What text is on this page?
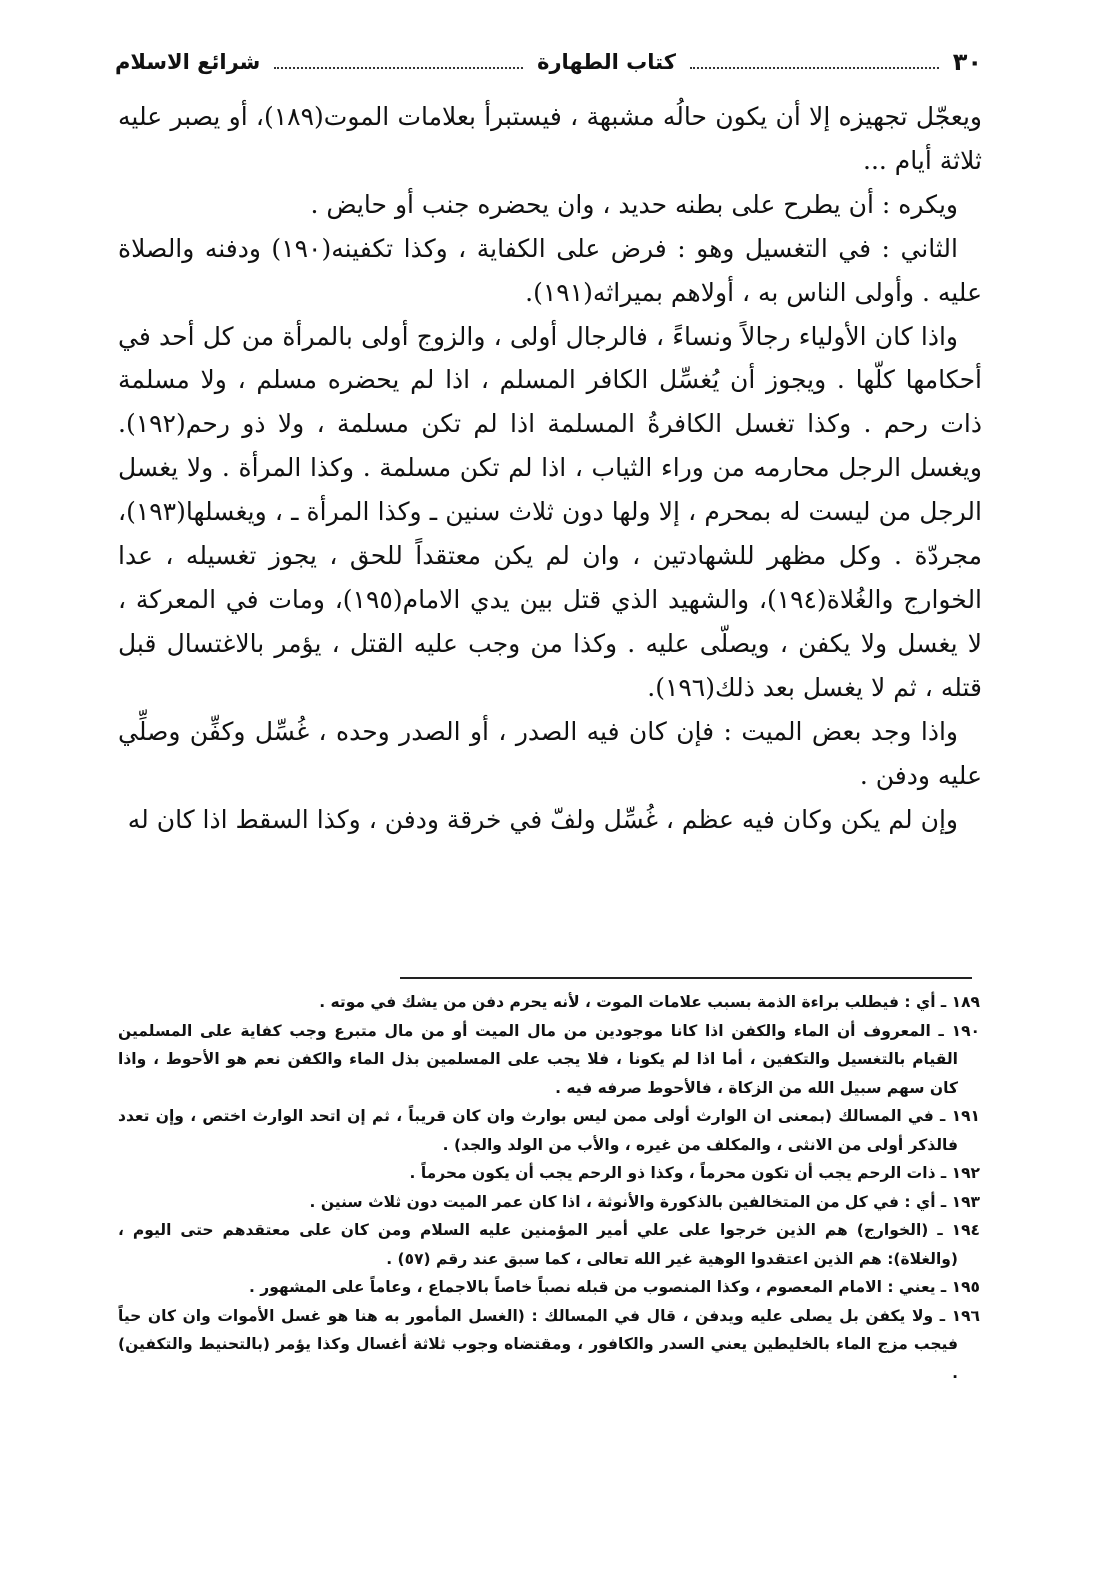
٣٠
كتاب الطهارة
شرائع الاسلام

ويعجّل تجهيزه إلا أن يكون حالُه مشبهة ، فيستبرأ بعلامات الموت(١٨٩)، أو يصبر عليه ثلاثة أيام ...

ويكره : أن يطرح على بطنه حديد ، وان يحضره جنب أو حايض .

الثاني : في التغسيل وهو : فرض على الكفاية ، وكذا تكفينه(١٩٠) ودفنه والصلاة عليه . وأولى الناس به ، أولاهم بميراثه(١٩١).

واذا كان الأولياء رجالاً ونساءً ، فالرجال أولى ، والزوج أولى بالمرأة من كل أحد في أحكامها كلّها . ويجوز أن يُغسِّل الكافر المسلم ، اذا لم يحضره مسلم ، ولا مسلمة ذات رحم . وكذا تغسل الكافرةُ المسلمة اذا لم تكن مسلمة ، ولا ذو رحم(١٩٢). ويغسل الرجل محارمه من وراء الثياب ، اذا لم تكن مسلمة . وكذا المرأة . ولا يغسل الرجل من ليست له بمحرم ، إلا ولها دون ثلاث سنين ـ وكذا المرأة ـ ، ويغسلها(١٩٣)، مجردّة . وكل مظهر للشهادتين ، وان لم يكن معتقداً للحق ، يجوز تغسيله ، عدا الخوارج والغُلاة(١٩٤)، والشهيد الذي قتل بين يدي الامام(١٩٥)، ومات في المعركة ، لا يغسل ولا يكفن ، ويصلّى عليه . وكذا من وجب عليه القتل ، يؤمر بالاغتسال قبل قتله ، ثم لا يغسل بعد ذلك(١٩٦).

واذا وجد بعض الميت : فإن كان فيه الصدر ، أو الصدر وحده ، غُسِّل وكفِّن وصلِّي عليه ودفن .

وإن لم يكن وكان فيه عظم ، غُسِّل ولفّ في خرقة ودفن ، وكذا السقط اذا كان له

١٨٩ ـ أي : فيطلب براءة الذمة بسبب علامات الموت ، لأنه يحرم دفن من يشك في موته .

١٩٠ ـ المعروف أن الماء والكفن اذا كانا موجودين من مال الميت أو من مال متبرع وجب كفاية على المسلمين القيام بالتغسيل والتكفين ، أما اذا لم يكونا ، فلا يجب على المسلمين بذل الماء والكفن نعم هو الأحوط ، واذا كان سهم سبيل الله من الزكاة ، فالأحوط صرفه فيه .

١٩١ ـ في المسالك (بمعنى ان الوارث أولى ممن ليس بوارث وان كان قريباً ، ثم إن اتحد الوارث اختص ، وإن تعدد فالذكر أولى من الانثى ، والمكلف من غيره ، والأب من الولد والجد) .

١٩٢ ـ ذات الرحم يجب أن تكون محرماً ، وكذا ذو الرحم يجب أن يكون محرماً .

١٩٣ ـ أي : في كل من المتخالفين بالذكورة والأنوثة ، اذا كان عمر الميت دون ثلاث سنين .

١٩٤ ـ (الخوارج) هم الذين خرجوا على علي أمير المؤمنين عليه السلام ومن كان على معتقدهم حتى اليوم ، (والغلاة): هم الذين اعتقدوا الوهية غير الله تعالى ، كما سبق عند رقم (٥٧) .

١٩٥ ـ يعني : الامام المعصوم ، وكذا المنصوب من قبله نصباً خاصاً بالاجماع ، وعاماً على المشهور .

١٩٦ ـ ولا يكفن بل يصلى عليه ويدفن ، قال في المسالك : (الغسل المأمور به هنا هو غسل الأموات وان كان حياً فيجب مزج الماء بالخليطين يعني السدر والكافور ، ومقتضاه وجوب ثلاثة أغسال وكذا يؤمر (بالتحنيط والتكفين) .
